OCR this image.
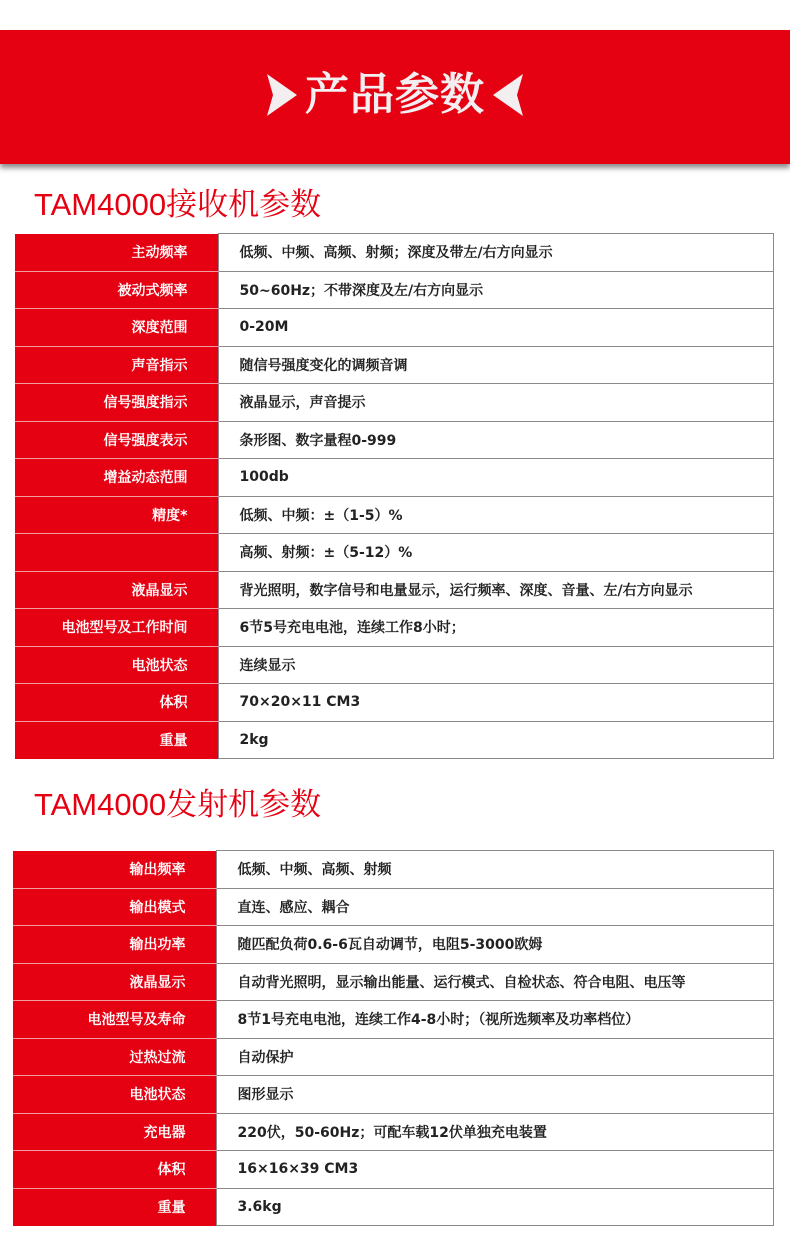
产品参数
TAM4000接收机参数
主动频率	低频、中频、高频、射频；深度及带左/右方向显示
被动式频率	50~60Hz；不带深度及左/右方向显示
深度范围	0-20M
声音指示	随信号强度变化的调频音调
信号强度指示	液晶显示，声音提示
信号强度表示	条形图、数字量程0-999
增益动态范围	100db
精度*	低频、中频：±（1-5）%
	高频、射频：±（5-12）%
液晶显示	背光照明，数字信号和电量显示，运行频率、深度、音量、左/右方向显示
电池型号及工作时间	6节5号充电电池，连续工作8小时；
电池状态	连续显示
体积	70×20×11 CM3
重量	2kg
TAM4000发射机参数
输出频率	低频、中频、高频、射频
输出模式	直连、感应、耦合
输出功率	随匹配负荷0.6-6瓦自动调节，电阻5-3000欧姆
液晶显示	自动背光照明，显示输出能量、运行模式、自检状态、符合电阻、电压等
电池型号及寿命	8节1号充电电池，连续工作4-8小时；（视所选频率及功率档位）
过热过流	自动保护
电池状态	图形显示
充电器	220伏，50-60Hz；可配车载12伏单独充电装置
体积	16×16×39 CM3
重量	3.6kg
